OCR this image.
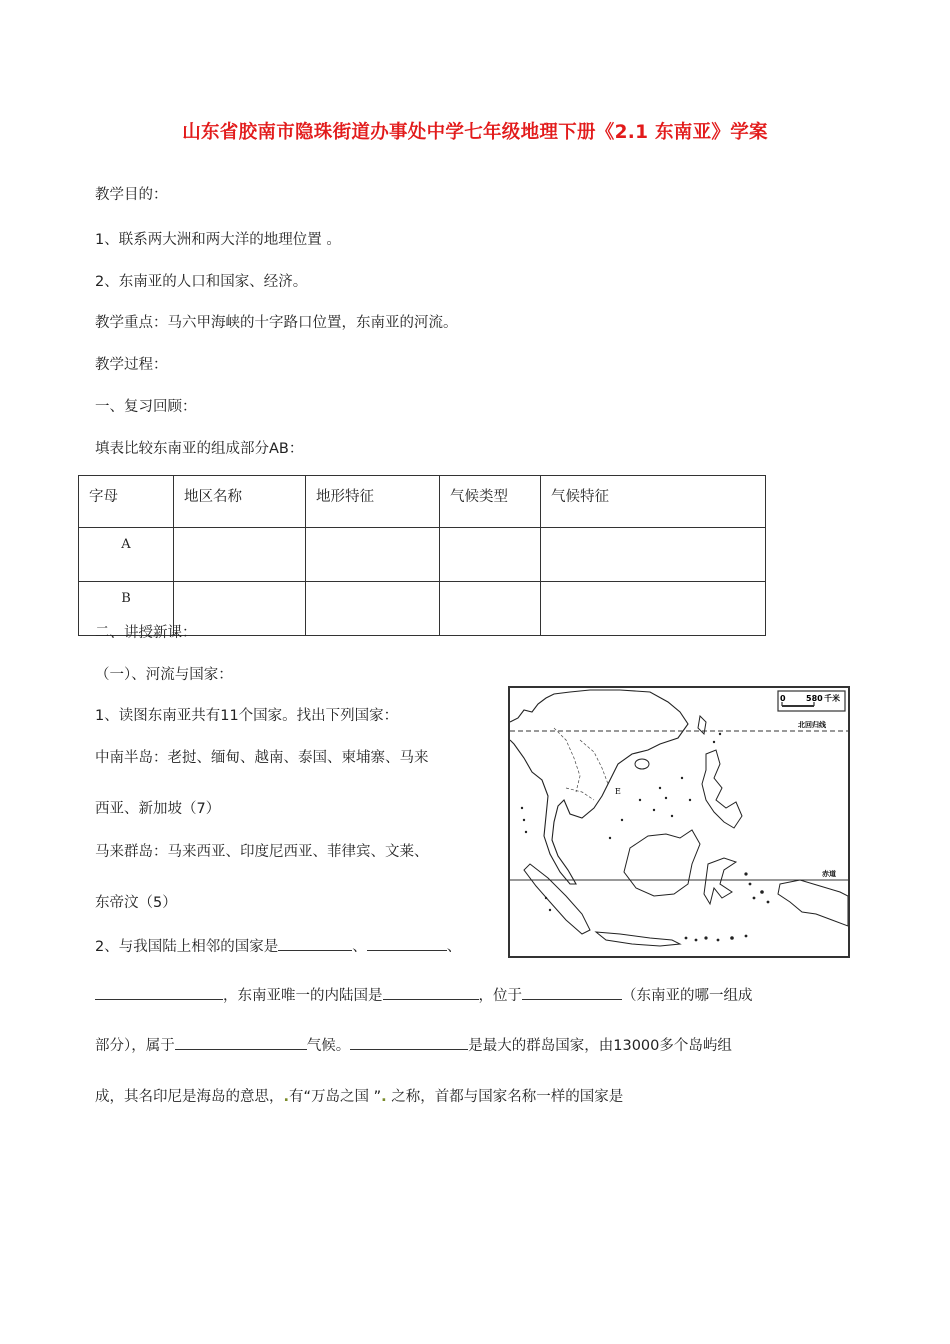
山东省胶南市隐珠街道办事处中学七年级地理下册《2.1 东南亚》学案
教学目的：
1、联系两大洲和两大洋的地理位置 。
2、东南亚的人口和国家、经济。
教学重点：马六甲海峡的十字路口位置，东南亚的河流。
教学过程：
一、复习回顾：
填表比较东南亚的组成部分AB：
字母	地区名称	地形特征	气候类型	气候特征
A				
B				
二、讲授新课：
（一）、河流与国家：
1、读图东南亚共有11个国家。找出下列国家：
中南半岛：老挝、缅甸、越南、泰国、柬埔寨、马来
西亚、新加坡（7）
马来群岛：马来西亚、印度尼西亚、菲律宾、文莱、
东帝汶（5）
2、与我国陆上相邻的国家是	、	、
，东南亚唯一的内陆国是	，位于	（东南亚的哪一组成
部分），属于	气候。	是最大的群岛国家，由13000多个岛屿组
成，其名印尼是海岛的意思，.有“万岛之国 ”. 之称，首都与国家名称一样的国家是
0	580 千米
北回归线
赤道
E
